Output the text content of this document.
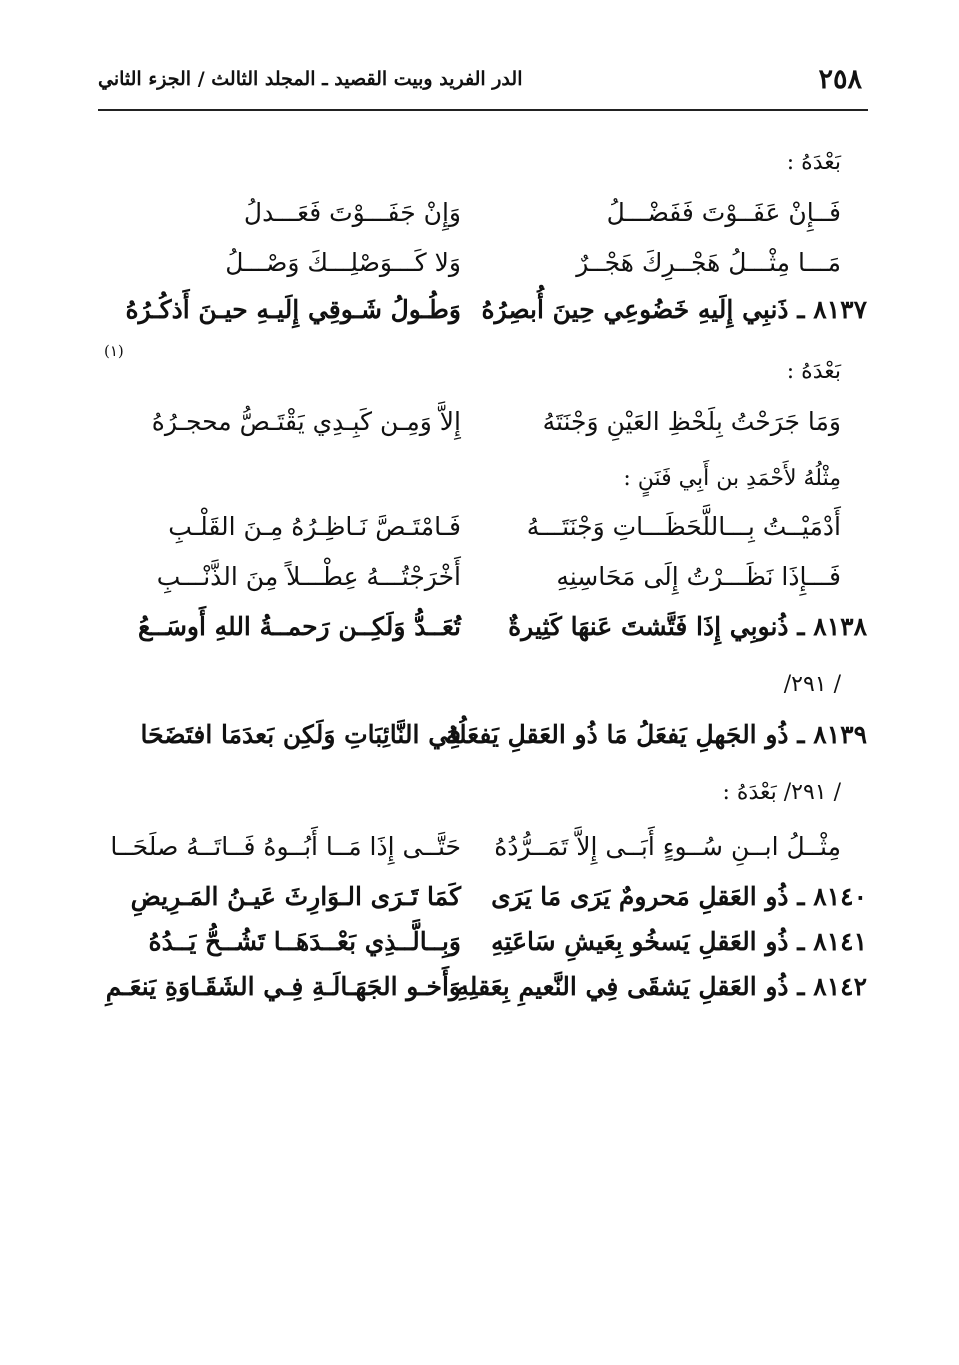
٢٥٨
الدر الفريد وبيت القصيد ـ المجلد الثالث / الجزء الثاني
(١)
بَعْدَهُ :
فَــإِنْ عَفَــوْتَ فَفَضْـــلُ
وَإِنْ جَفَـــوْتَ فَعَـــدلُ
مَـــا مِثْـــلُ هَجْــرِكَ هَجْــرٌ
وَلا كَـــوَصْلِـــكَ وَصْـــلُ
٨١٣٧ ـ ذَنبِي إِلَيهِ خَضُوعِي حِينَ أُبصِرُهُ
وَطُـولُ شَـوقِي إِلَيـهِ حيـنَ أَذكُـرُهُ
بَعْدَهُ :
وَمَا جَرَحْتُ بِلَحْظِ العَيْنِ وَجْنَتَهُ
إِلاَّ وَمِـن كَبِـدِي يَقْتَـصُّ محجـرُهُ
مِثْلُهُ لأَحْمَدِ بن أَبِي فَنَنٍ :
أَدْمَيْــتُ بِـــاللَّحَظَـــاتِ وَجْنَتَـــهُ
فَـامْتَـصَّ نَـاظِـرُهُ مِـنَ القَلْـبِ
فَـــإِذَا نَظَـــرْتُ إِلَى مَحَاسِنِهِ
أَخْرَجْتُـــهُ عِطْـــلاً مِنَ الذَّنْـــبِ
٨١٣٨ ـ ذُنوبِي إِذَا فَتَّشتَ عَنهَا كَثِيرةٌ
تُعَــدُّ وَلَكِــن رَحمــةُ اللهِ أَوسَــعُ
/ ٢٩١/
٨١٣٩ ـ ذُو الجَهلِ يَفعَلُ مَا ذُو العَقلِ يَفعَلُهُ
فِي النَّائِبَاتِ وَلَكِن بَعدَمَا افتَضَحَا
/ ٢٩١/ بَعْدَهُ :
مِثْــلُ ابــنِ سُــوءٍ أَبَــى إِلاَّ تَمَــرُّدُهُ
حَتَّــى إِذَا مَــا أَبُــوهُ فَــاتَــهُ صلَحَــا
٨١٤٠ ـ ذُو العَقلِ مَحرومٌ يَرَى مَا يَرَى
كَمَا تَـرَى الـوَارِثَ عَيـنُ المَـرِيضِ
٨١٤١ ـ ذُو العَقلِ يَسخُو بِعَيشِ سَاعَتِهِ
وَبِــالَّــذِي بَعْــدَهَــا تَشُــحُّ يَــدُهُ
٨١٤٢ ـ ذُو العَقلِ يَشقَى فِي النَّعيمِ بِعَقلِهِ
وَأَخـو الجَهَـالَـةِ فِـي الشَقَـاوَةِ يَنعَـمِ
